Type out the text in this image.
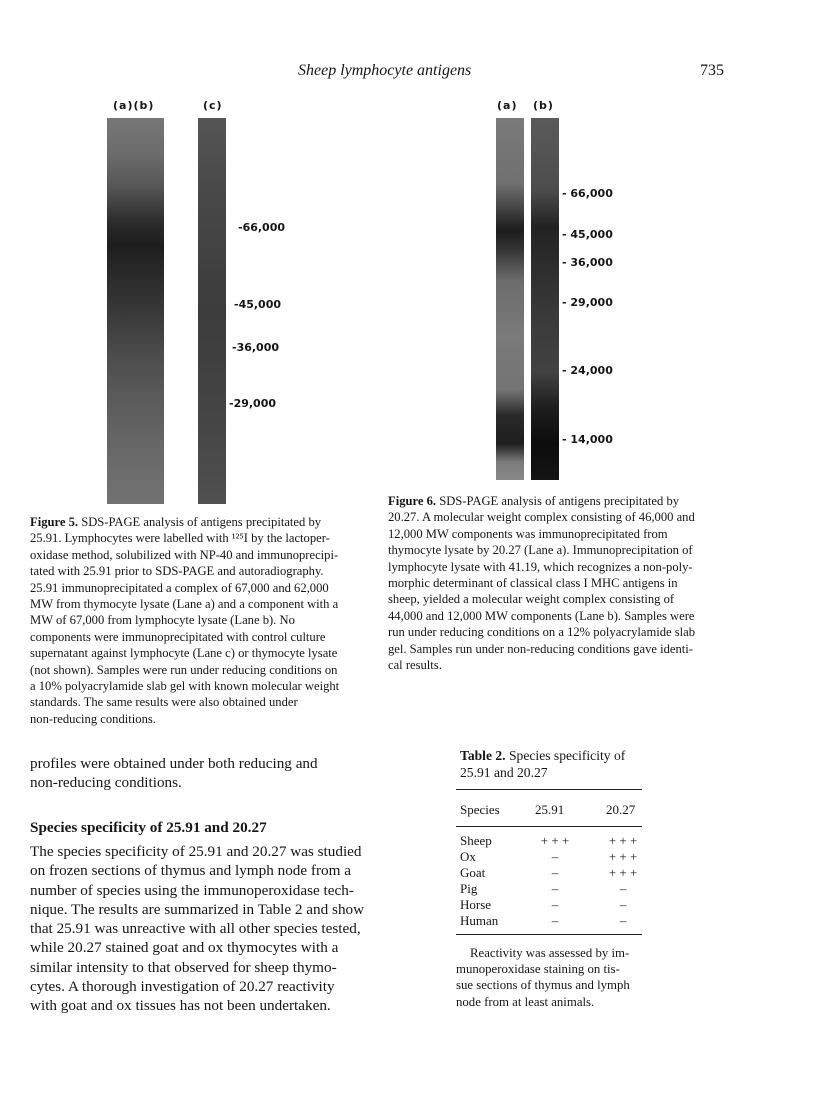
Sheep lymphocyte antigens	735
(a)(b)	(c)
-66,000
-45,000
-36,000
-29,000
Figure 5. SDS-PAGE analysis of antigens precipitated by
25.91. Lymphocytes were labelled with ¹²⁵I by the lactoper-
oxidase method, solubilized with NP-40 and immunoprecipi-
tated with 25.91 prior to SDS-PAGE and autoradiography.
25.91 immunoprecipitated a complex of 67,000 and 62,000
MW from thymocyte lysate (Lane a) and a component with a
MW of 67,000 from lymphocyte lysate (Lane b). No
components were immunoprecipitated with control culture
supernatant against lymphocyte (Lane c) or thymocyte lysate
(not shown). Samples were run under reducing conditions on
a 10% polyacrylamide slab gel with known molecular weight
standards. The same results were also obtained under
non-reducing conditions.
(a) (b)
- 66,000
- 45,000
- 36,000
- 29,000
- 24,000
- 14,000
Figure 6. SDS-PAGE analysis of antigens precipitated by
20.27. A molecular weight complex consisting of 46,000 and
12,000 MW components was immunoprecipitated from
thymocyte lysate by 20.27 (Lane a). Immunoprecipitation of
lymphocyte lysate with 41.19, which recognizes a non-poly-
morphic determinant of classical class I MHC antigens in
sheep, yielded a molecular weight complex consisting of
44,000 and 12,000 MW components (Lane b). Samples were
run under reducing conditions on a 12% polyacrylamide slab
gel. Samples run under non-reducing conditions gave identi-
cal results.
profiles were obtained under both reducing and
non-reducing conditions.
Species specificity of 25.91 and 20.27
The species specificity of 25.91 and 20.27 was studied
on frozen sections of thymus and lymph node from a
number of species using the immunoperoxidase tech-
nique. The results are summarized in Table 2 and show
that 25.91 was unreactive with all other species tested,
while 20.27 stained goat and ox thymocytes with a
similar intensity to that observed for sheep thymo-
cytes. A thorough investigation of 20.27 reactivity
with goat and ox tissues has not been undertaken.
Table 2. Species specificity of
25.91 and 20.27
Species	25.91	20.27
Sheep	+ + +	+ + +
Ox	–	+ + +
Goat	–	+ + +
Pig	–	–
Horse	–	–
Human	–	–
Reactivity was assessed by im-
munoperoxidase staining on tis-
sue sections of thymus and lymph
node from at least animals.
